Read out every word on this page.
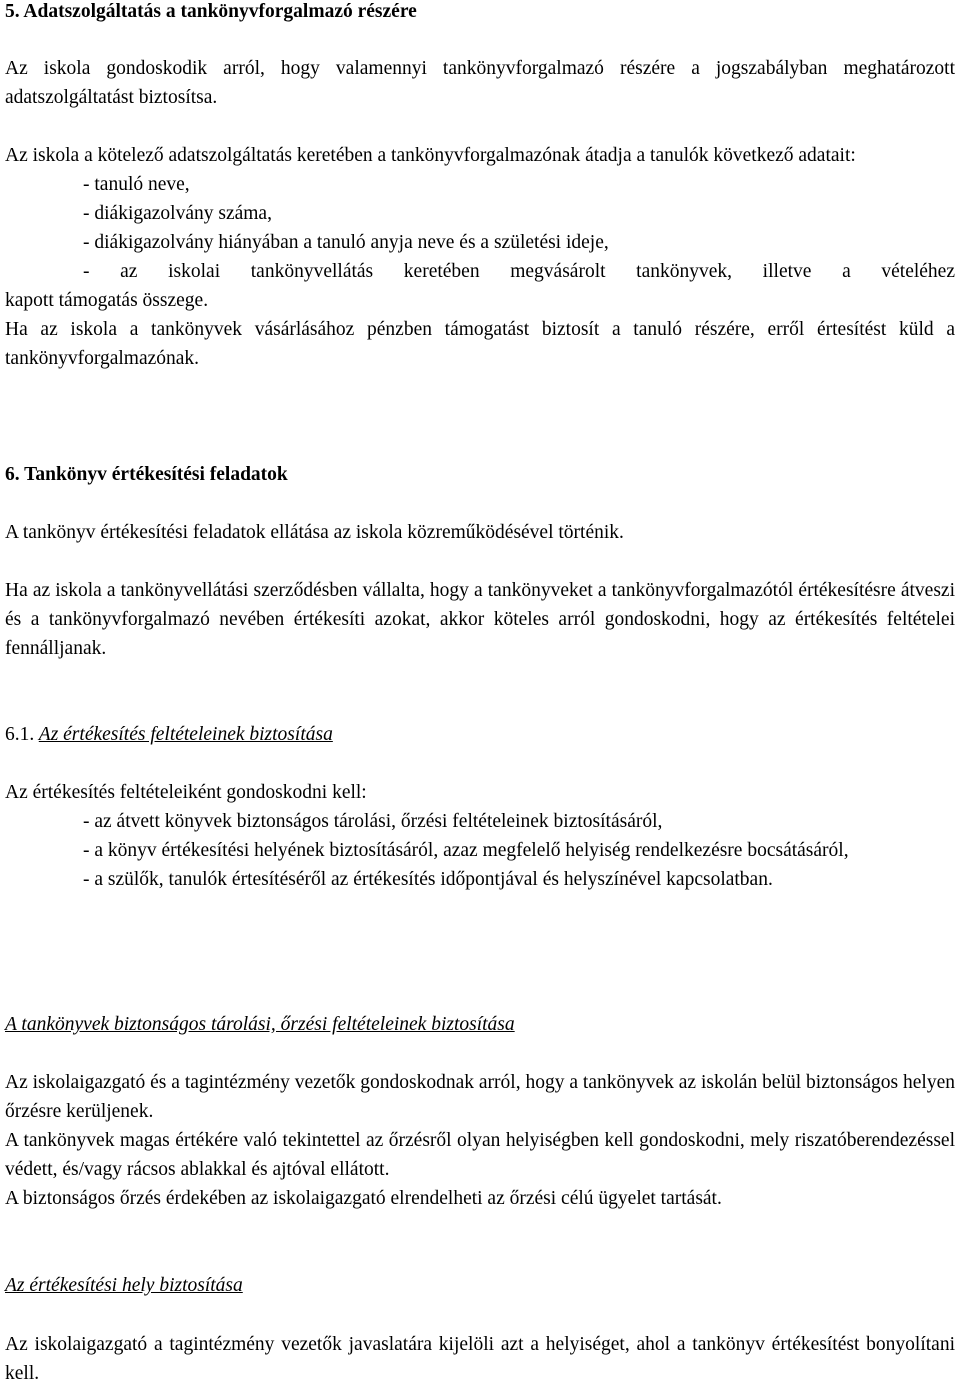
5. Adatszolgáltatás a tankönyvforgalmazó részére

Az iskola gondoskodik arról, hogy valamennyi tankönyvforgalmazó részére a jogszabályban meghatározott adatszolgáltatást biztosítsa.

Az iskola a kötelező adatszolgáltatás keretében a tankönyvforgalmazónak átadja a tanulók következő adatait:

- tanuló neve,

- diákigazolvány száma,

- diákigazolvány hiányában a tanuló anyja neve és a születési ideje,

- az iskolai tankönyvellátás keretében megvásárolt tankönyvek, illetve a vételéhez

kapott támogatás összege.

Ha az iskola a tankönyvek vásárlásához pénzben támogatást biztosít a tanuló részére, erről értesítést küld a tankönyvforgalmazónak.

6. Tankönyv értékesítési feladatok

A tankönyv értékesítési feladatok ellátása az iskola közreműködésével történik.

Ha az iskola a tankönyvellátási szerződésben vállalta, hogy a tankönyveket a tankönyvforgalmazótól értékesítésre átveszi és a tankönyvforgalmazó nevében értékesíti azokat, akkor köteles arról gondoskodni, hogy az értékesítés feltételei fennálljanak.

6.1. Az értékesítés feltételeinek biztosítása

Az értékesítés feltételeiként gondoskodni kell:

- az átvett könyvek biztonságos tárolási, őrzési feltételeinek biztosításáról,

- a könyv értékesítési helyének biztosításáról, azaz megfelelő helyiség rendelkezésre bocsátásáról,

- a szülők, tanulók értesítéséről az értékesítés időpontjával és helyszínével kapcsolatban.

A tankönyvek biztonságos tárolási, őrzési feltételeinek biztosítása

Az iskolaigazgató és a tagintézmény vezetők gondoskodnak arról, hogy a tankönyvek az iskolán belül biztonságos helyen őrzésre kerüljenek.

A tankönyvek magas értékére való tekintettel az őrzésről olyan helyiségben kell gondoskodni, mely riszatóberendezéssel védett, és/vagy rácsos ablakkal és ajtóval ellátott.

A biztonságos őrzés érdekében az iskolaigazgató elrendelheti az őrzési célú ügyelet tartását.

Az értékesítési hely biztosítása

Az iskolaigazgató a tagintézmény vezetők javaslatára kijelöli azt a helyiséget, ahol a tankönyv értékesítést bonyolítani kell.
